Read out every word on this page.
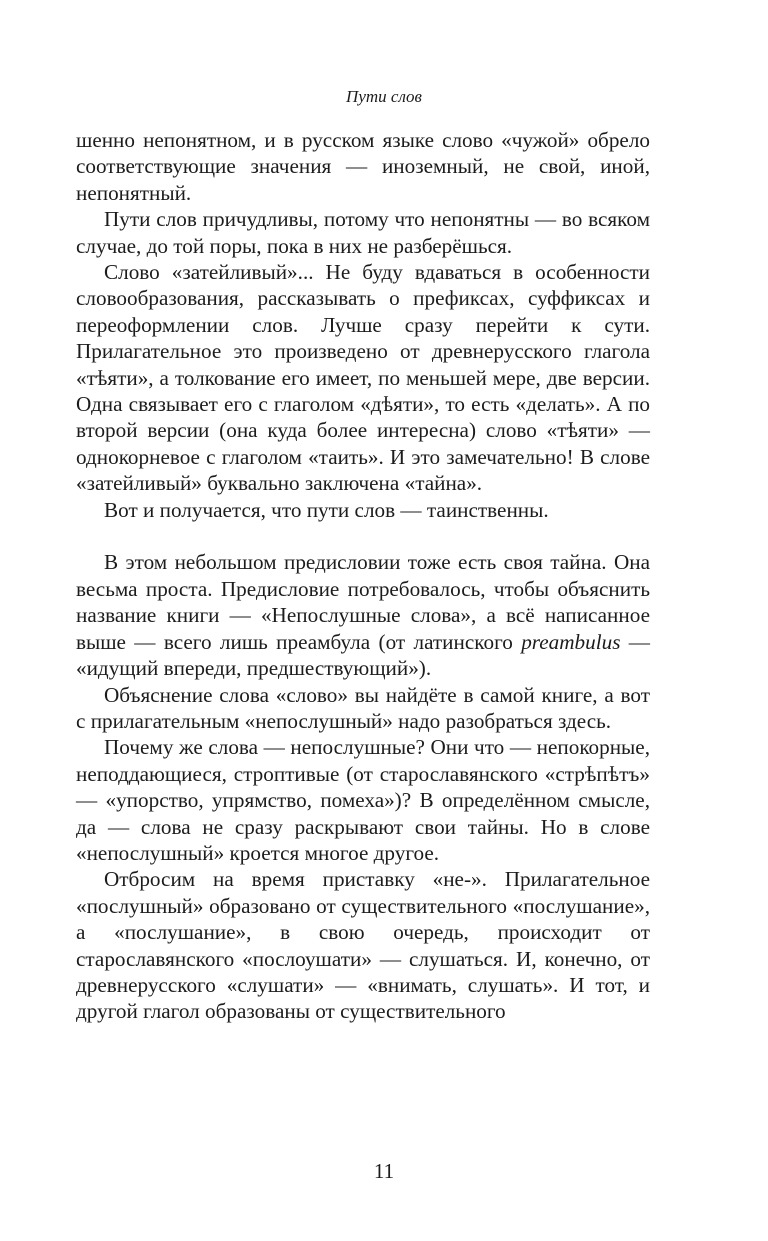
Пути слов

шенно непонятном, и в русском языке слово «чужой» обрело соответствующие значения — иноземный, не свой, иной, непонятный.

Пути слов причудливы, потому что непонятны — во всяком случае, до той поры, пока в них не разберёшься.

Слово «затейливый»... Не буду вдаваться в особенности словообразования, рассказывать о префиксах, суффиксах и переоформлении слов. Лучше сразу перейти к сути. Прилагательное это произведено от древнерусского глагола «тѣяти», а толкование его имеет, по меньшей мере, две версии. Одна связывает его с глаголом «дѣяти», то есть «делать». А по второй версии (она куда более интересна) слово «тѣяти» — однокорневое с глаголом «таить». И это замечательно! В слове «затейливый» буквально заключена «тайна».

Вот и получается, что пути слов — таинственны.

В этом небольшом предисловии тоже есть своя тайна. Она весьма проста. Предисловие потребовалось, чтобы объяснить название книги — «Непослушные слова», а всё написанное выше — всего лишь преамбула (от латинского preambulus — «идущий впереди, предшествующий»).

Объяснение слова «слово» вы найдёте в самой книге, а вот с прилагательным «непослушный» надо разобраться здесь.

Почему же слова — непослушные? Они что — непокорные, неподдающиеся, строптивые (от старославянского «стрѣпѣтъ» — «упорство, упрямство, помеха»)? В определённом смысле, да — слова не сразу раскрывают свои тайны. Но в слове «непослушный» кроется многое другое.

Отбросим на время приставку «не-». Прилагательное «послушный» образовано от существительного «послушание», а «послушание», в свою очередь, происходит от старославянского «послоушати» — слушаться. И, конечно, от древнерусского «слушати» — «внимать, слушать». И тот, и другой глагол образованы от существительного

11
